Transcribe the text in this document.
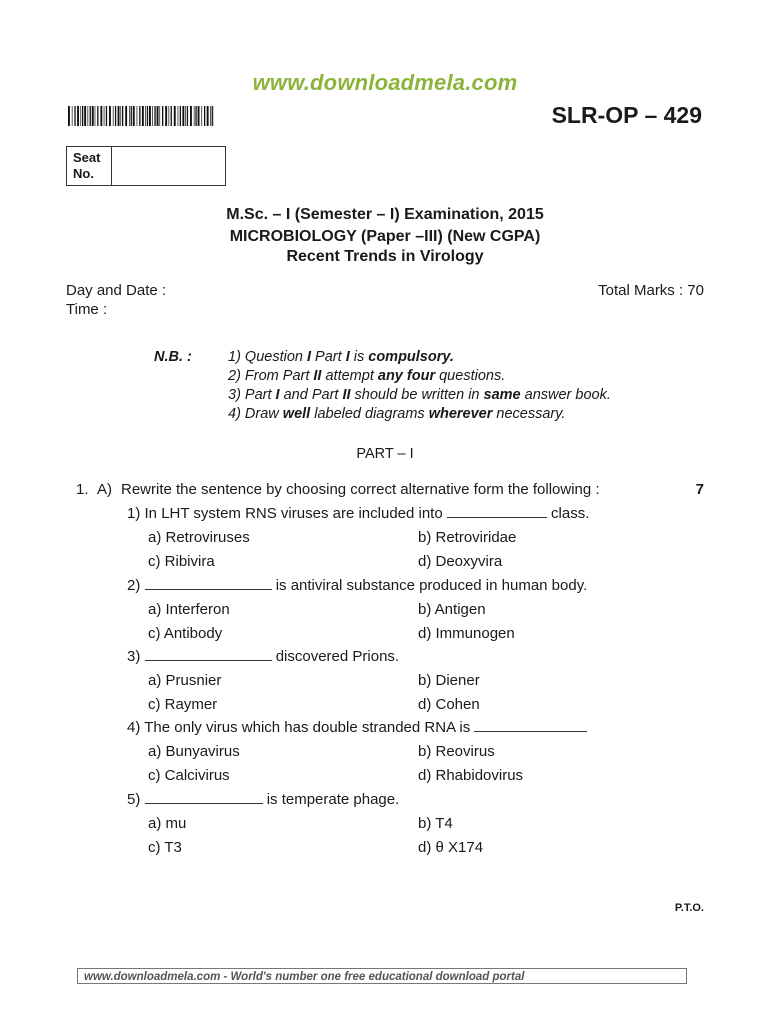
www.downloadmela.com
SLR-OP – 429
Seat
No.
M.Sc. – I (Semester – I) Examination, 2015
MICROBIOLOGY (Paper –III) (New CGPA)
Recent Trends in Virology
Day and Date :
Time :
Total Marks : 70
N.B. : 1) Question I Part I is compulsory.
2) From Part II attempt any four questions.
3) Part I and Part II should be written in same answer book.
4) Draw well labeled diagrams wherever necessary.
PART – I
1. A) Rewrite the sentence by choosing correct alternative form the following :	7
1) In LHT system RNS viruses are included into	class.
a) Retroviruses	b) Retroviridae
c) Ribivira	d) Deoxyvira
2)	is antiviral substance produced in human body.
a) Interferon	b) Antigen
c) Antibody	d) Immunogen
3)	discovered Prions.
a) Prusnier	b) Diener
c) Raymer	d) Cohen
4) The only virus which has double stranded RNA is
a) Bunyavirus	b) Reovirus
c) Calcivirus	d) Rhabidovirus
5)	is temperate phage.
a) mu	b) T4
c) T3	d) θ X174
P.T.O.
www.downloadmela.com - World's number one free educational download portal
